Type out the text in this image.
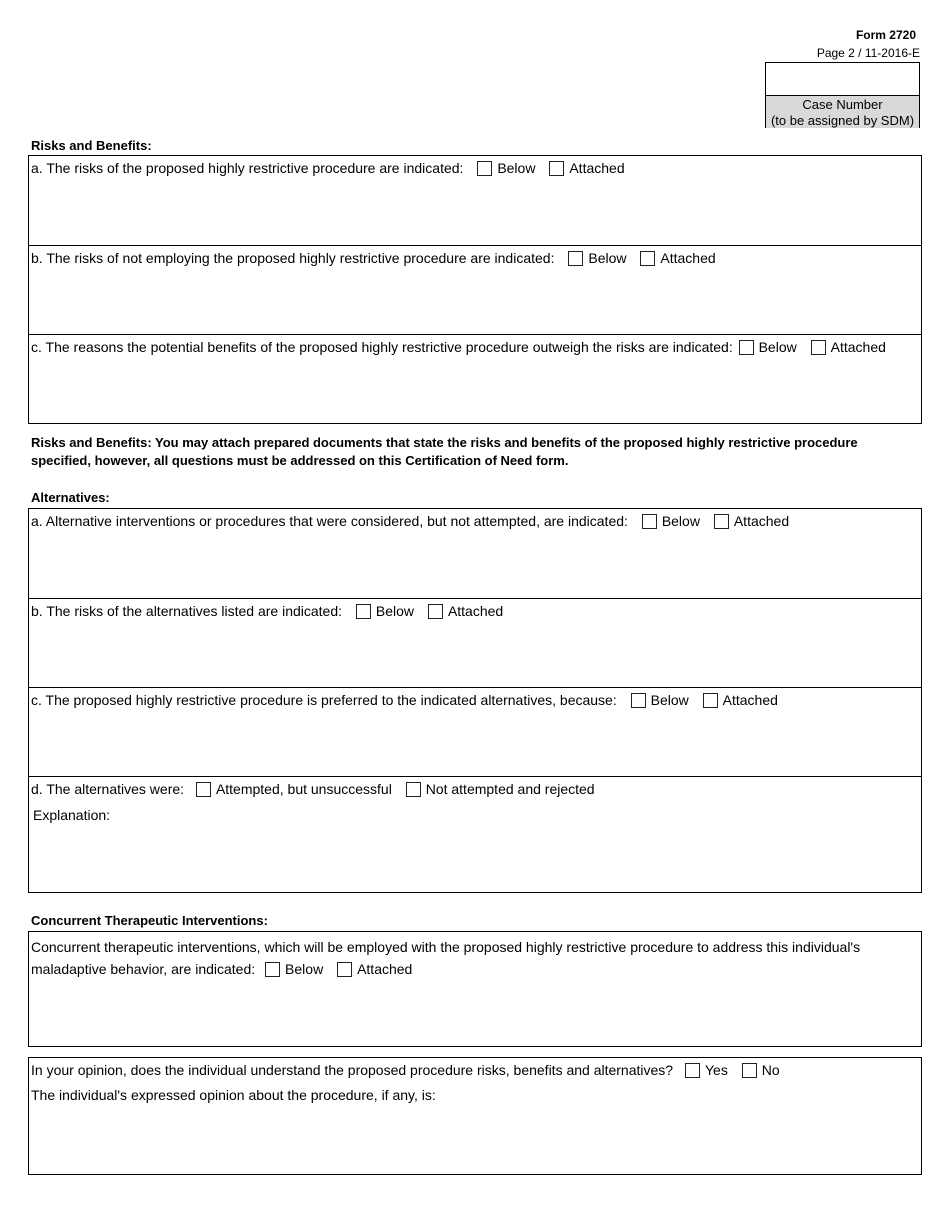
Form 2720
Page 2 / 11-2016-E
Case Number
(to be assigned by SDM)
Risks and Benefits:
a. The risks of the proposed highly restrictive procedure are indicated: Below Attached
b. The risks of not employing the proposed highly restrictive procedure are indicated: Below Attached
c. The reasons the potential benefits of the proposed highly restrictive procedure outweigh the risks are indicated: Below Attached
Risks and Benefits: You may attach prepared documents that state the risks and benefits of the proposed highly restrictive procedure
specified, however, all questions must be addressed on this Certification of Need form.
Alternatives:
a. Alternative interventions or procedures that were considered, but not attempted, are indicated: Below Attached
b. The risks of the alternatives listed are indicated: Below Attached
c. The proposed highly restrictive procedure is preferred to the indicated alternatives, because: Below Attached
d. The alternatives were: Attempted, but unsuccessful Not attempted and rejected
Explanation:
Concurrent Therapeutic Interventions:
Concurrent therapeutic interventions, which will be employed with the proposed highly restrictive procedure to address this individual's
maladaptive behavior, are indicated: Below Attached
In your opinion, does the individual understand the proposed procedure risks, benefits and alternatives? Yes No
The individual's expressed opinion about the procedure, if any, is:
